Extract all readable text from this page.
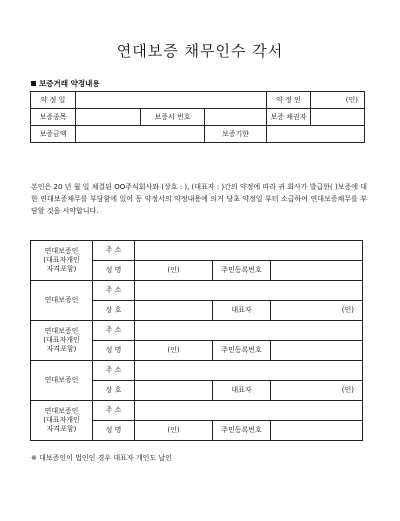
연대보증 채무인수 각서
보증거래 약정내용
약 정 일				약 정 인	(인)
보증종목		보증서 번호		보증 채권자	
보증금액			보증기한		
본인은 20 년 월 일 체결된 OO주식회사와 (상호 : ), (대표자 : )간의 약정에 따라 귀 회사가 발급한( )보증에 대한 연대보증채무를 부담함에 있어 동 약정서의 약정내용에 의거 당초 약정일 부터 소급하여 연대보증채무를 부담할 것을 서약합니다.
연대보증인
(대표자개인
자격포함)	주 소			
	성 명	(인)	주민등록번호	
연대보증인	주 소			
	상 호		대표자	(인)
연대보증인
(대표자개인
자격포함)	주 소			
	성 명	(인)	주민등록번호	
연대보증인	주 소			
	상 호		대표자	(인)
연대보증인
(대표자개인
자격포함)	주 소			
	성 명	(인)	주민등록번호	
※ 대보증인이 법인인 경우 대표자 개인도 날인
